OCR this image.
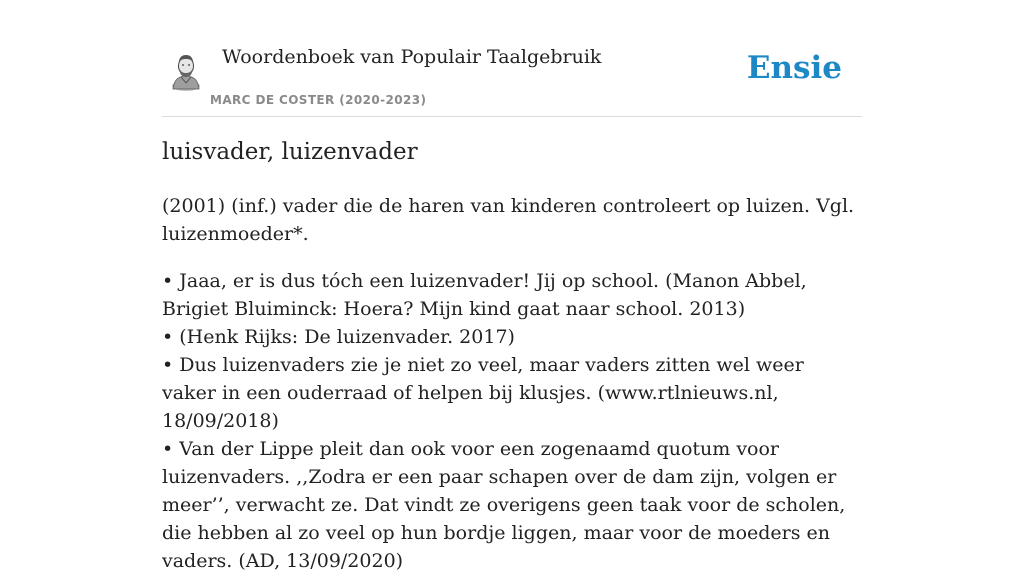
Woordenboek van Populair Taalgebruik
MARC DE COSTER (2020-2023)
Ensie
luisvader, luizenvader

(2001) (inf.) vader die de haren van kinderen controleert op luizen. Vgl. luizenmoeder*.

• Jaaa, er is dus tóch een luizenvader! Jij op school. (Manon Abbel, Brigiet Bluiminck: Hoera? Mijn kind gaat naar school. 2013)
• (Henk Rijks: De luizenvader. 2017)
• Dus luizenvaders zie je niet zo veel, maar vaders zitten wel weer vaker in een ouderraad of helpen bij klusjes. (www.rtlnieuws.nl, 18/09/2018)
• Van der Lippe pleit dan ook voor een zogenaamd quotum voor luizenvaders. ,,Zodra er een paar schapen over de dam zijn, volgen er meer’’, verwacht ze. Dat vindt ze overigens geen taak voor de scholen, die hebben al zo veel op hun bordje liggen, maar voor de moeders en vaders. (AD, 13/09/2020)
